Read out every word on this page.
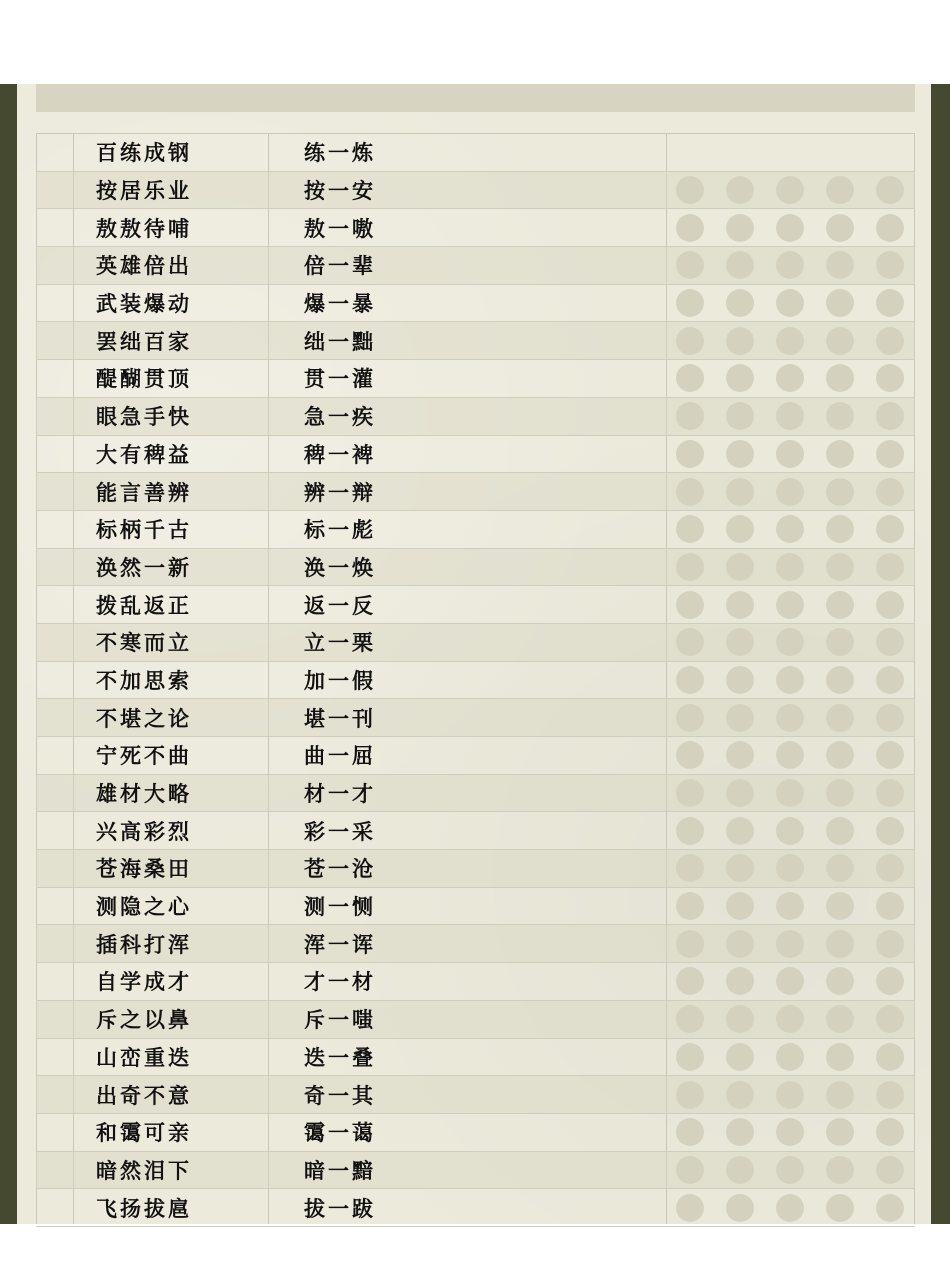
百练成钢	练一炼
按居乐业	按一安
敖敖待哺	敖一嗷
英雄倍出	倍一辈
武装爆动	爆一暴
罢绌百家	绌一黜
醍醐贯顶	贯一灌
眼急手快	急一疾
大有稗益	稗一裨
能言善辨	辨一辩
标柄千古	标一彪
涣然一新	涣一焕
拨乱返正	返一反
不寒而立	立一栗
不加思索	加一假
不堪之论	堪一刊
宁死不曲	曲一屈
雄材大略	材一才
兴高彩烈	彩一采
苍海桑田	苍一沧
测隐之心	测一恻
插科打浑	浑一诨
自学成才	才一材
斥之以鼻	斥一嗤
山峦重迭	迭一叠
出奇不意	奇一其
和霭可亲	霭一蔼
暗然泪下	暗一黯
飞扬拔扈	拔一跋
